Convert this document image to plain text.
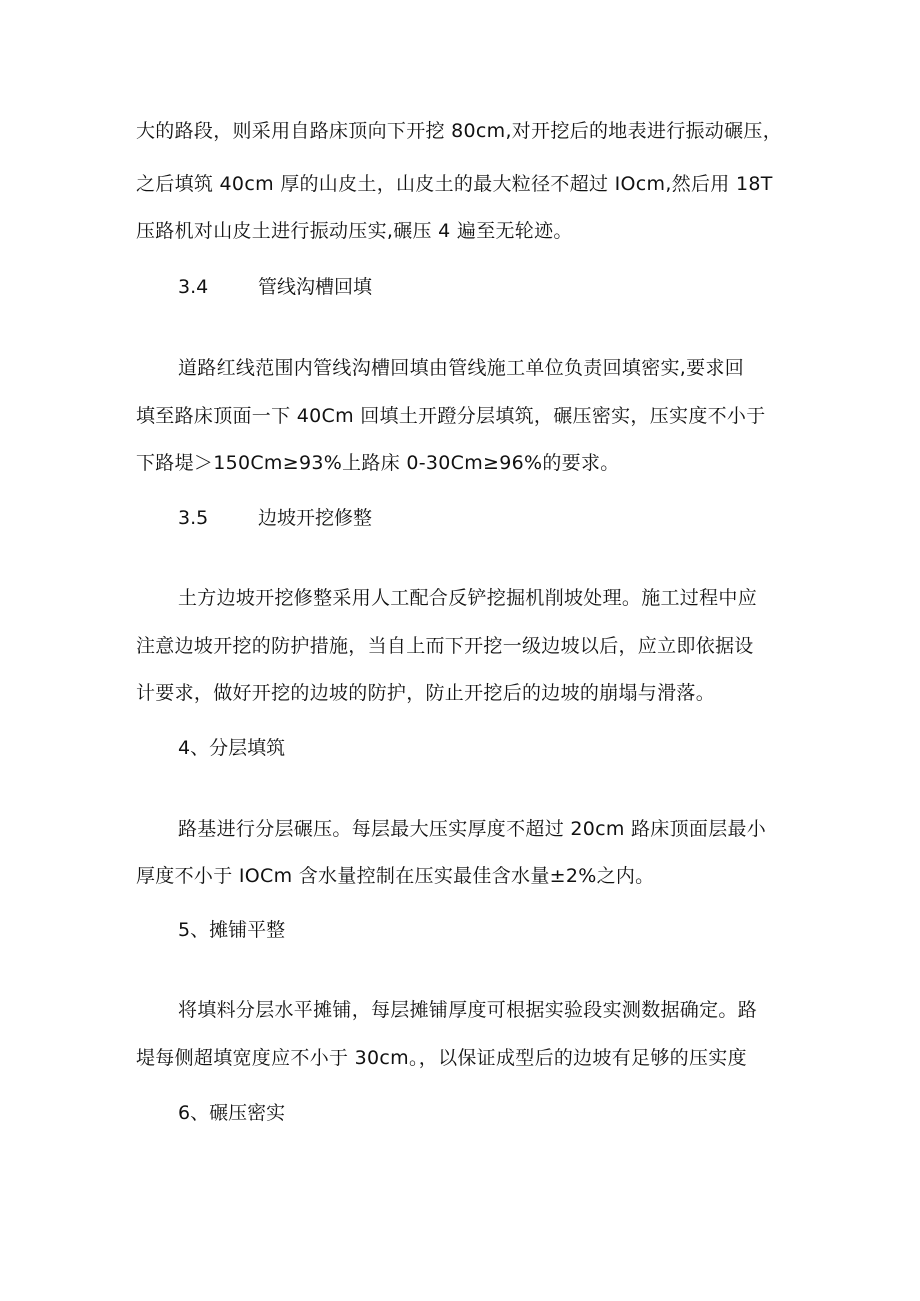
大的路段，则采用自路床顶向下开挖 80cm,对开挖后的地表进行振动碾压，
之后填筑 40cm 厚的山皮土，山皮土的最大粒径不超过 IOcm,然后用 18T
压路机对山皮土进行振动压实,碾压 4 遍至无轮迹。
3.4	管线沟槽回填
道路红线范围内管线沟槽回填由管线施工单位负责回填密实,要求回
填至路床顶面一下 40Cm 回填土开蹬分层填筑，碾压密实，压实度不小于
下路堤＞150Cm≥93%上路床 0-30Cm≥96%的要求。
3.5	边坡开挖修整
土方边坡开挖修整采用人工配合反铲挖掘机削坡处理。施工过程中应
注意边坡开挖的防护措施，当自上而下开挖一级边坡以后，应立即依据设
计要求，做好开挖的边坡的防护，防止开挖后的边坡的崩塌与滑落。
4、分层填筑
路基进行分层碾压。每层最大压实厚度不超过 20cm 路床顶面层最小
厚度不小于 IOCm 含水量控制在压实最佳含水量±2%之内。
5、摊铺平整
将填料分层水平摊铺，每层摊铺厚度可根据实验段实测数据确定。路
堤每侧超填宽度应不小于 30cm。，以保证成型后的边坡有足够的压实度
6、碾压密实
